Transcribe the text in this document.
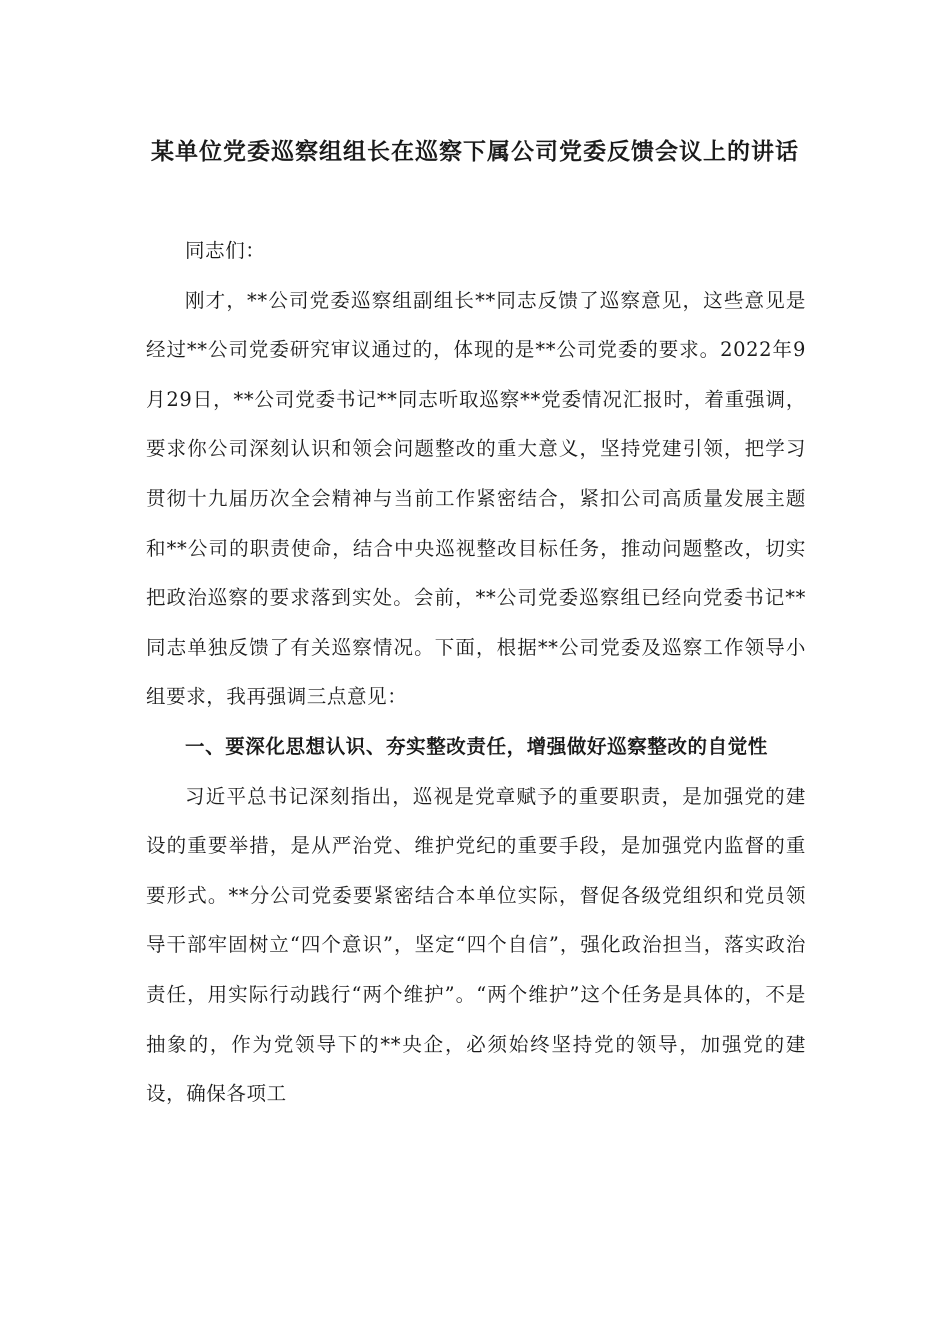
某单位党委巡察组组长在巡察下属公司党委反馈会议上的讲话

同志们：

刚才，**公司党委巡察组副组长**同志反馈了巡察意见，这些意见是经过**公司党委研究审议通过的，体现的是**公司党委的要求。2022年9月29日，**公司党委书记**同志听取巡察**党委情况汇报时，着重强调，要求你公司深刻认识和领会问题整改的重大意义，坚持党建引领，把学习贯彻十九届历次全会精神与当前工作紧密结合，紧扣公司高质量发展主题和**公司的职责使命，结合中央巡视整改目标任务，推动问题整改，切实把政治巡察的要求落到实处。会前，**公司党委巡察组已经向党委书记**同志单独反馈了有关巡察情况。下面，根据**公司党委及巡察工作领导小组要求，我再强调三点意见：

一、要深化思想认识、夯实整改责任，增强做好巡察整改的自觉性

习近平总书记深刻指出，巡视是党章赋予的重要职责，是加强党的建设的重要举措，是从严治党、维护党纪的重要手段，是加强党内监督的重要形式。**分公司党委要紧密结合本单位实际，督促各级党组织和党员领导干部牢固树立“四个意识”，坚定“四个自信”，强化政治担当，落实政治责任，用实际行动践行“两个维护”。“两个维护”这个任务是具体的，不是抽象的，作为党领导下的**央企，必须始终坚持党的领导，加强党的建设，确保各项工
